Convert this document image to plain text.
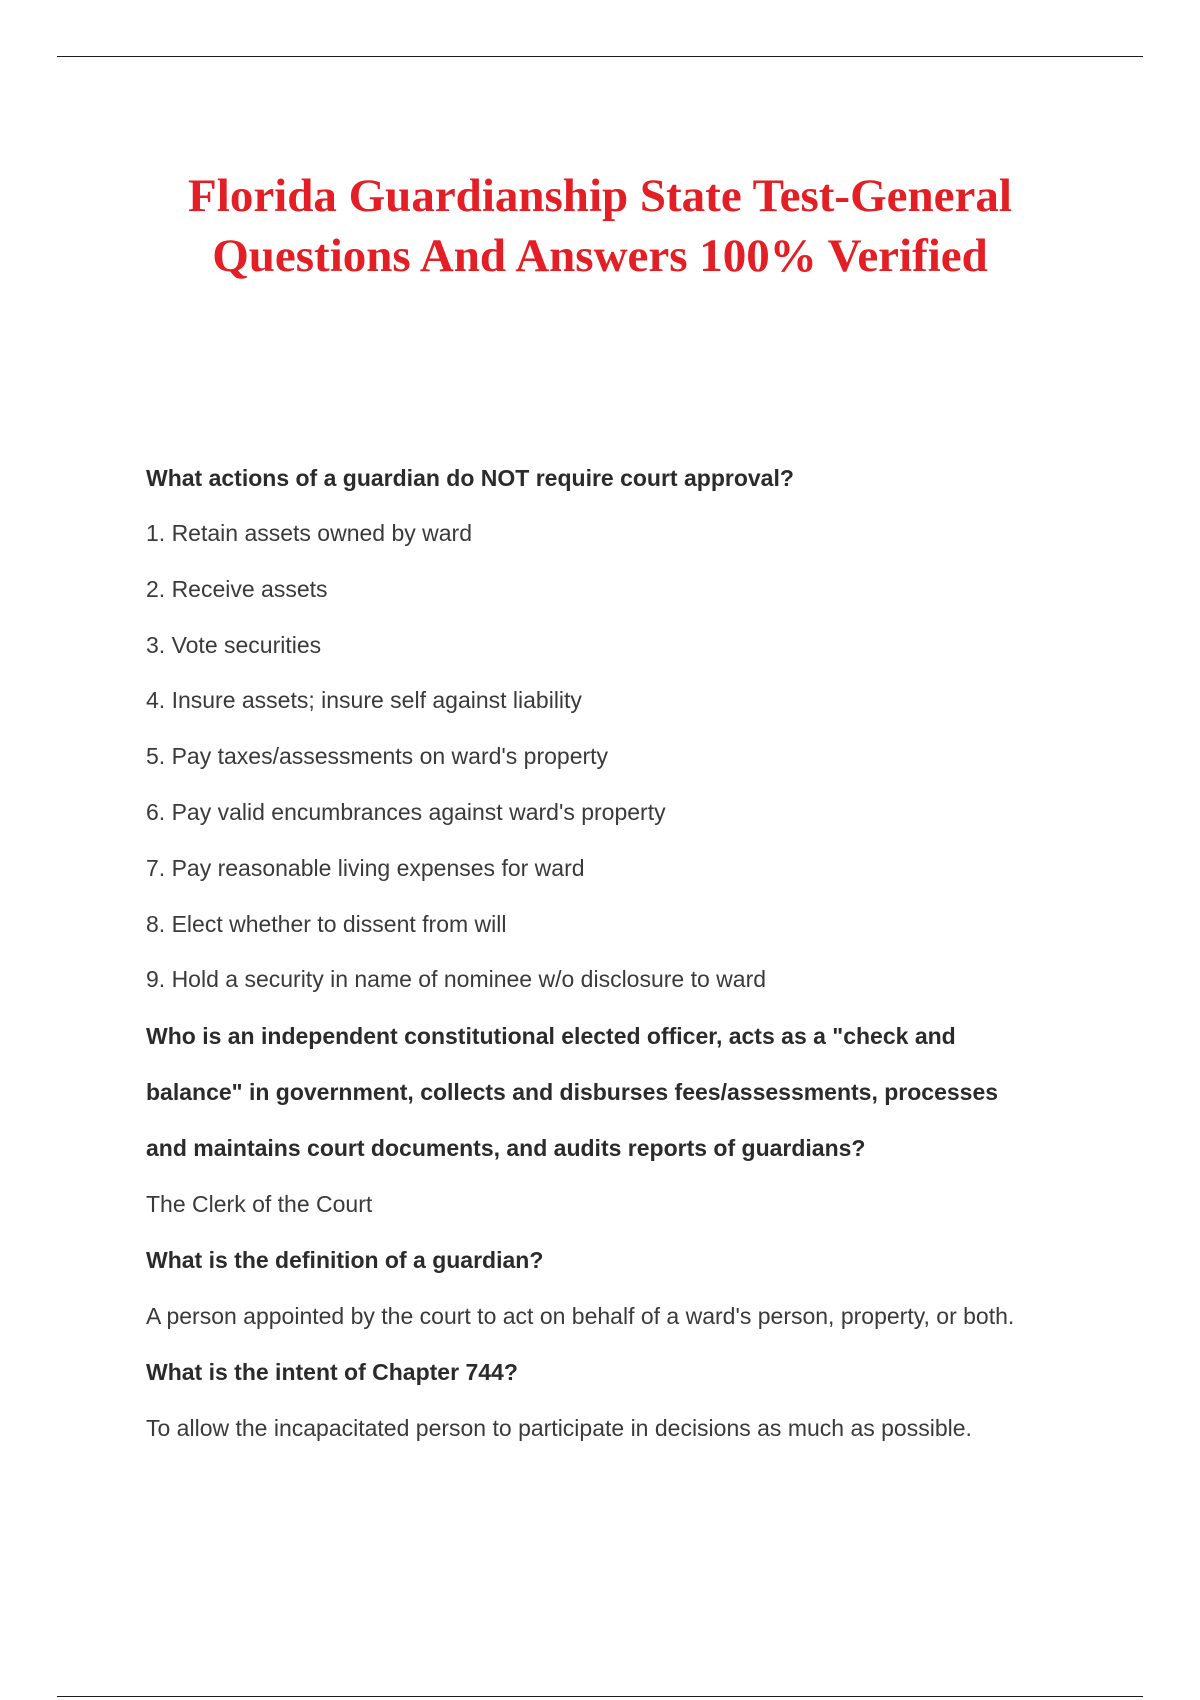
Florida Guardianship State Test-General
Questions And Answers 100% Verified

What actions of a guardian do NOT require court approval?

1. Retain assets owned by ward
2. Receive assets
3. Vote securities
4. Insure assets; insure self against liability
5. Pay taxes/assessments on ward's property
6. Pay valid encumbrances against ward's property
7. Pay reasonable living expenses for ward
8. Elect whether to dissent from will
9. Hold a security in name of nominee w/o disclosure to ward

Who is an independent constitutional elected officer, acts as a "check and

balance" in government, collects and disburses fees/assessments, processes

and maintains court documents, and audits reports of guardians?

The Clerk of the Court

What is the definition of a guardian?

A person appointed by the court to act on behalf of a ward's person, property, or both.

What is the intent of Chapter 744?

To allow the incapacitated person to participate in decisions as much as possible.
